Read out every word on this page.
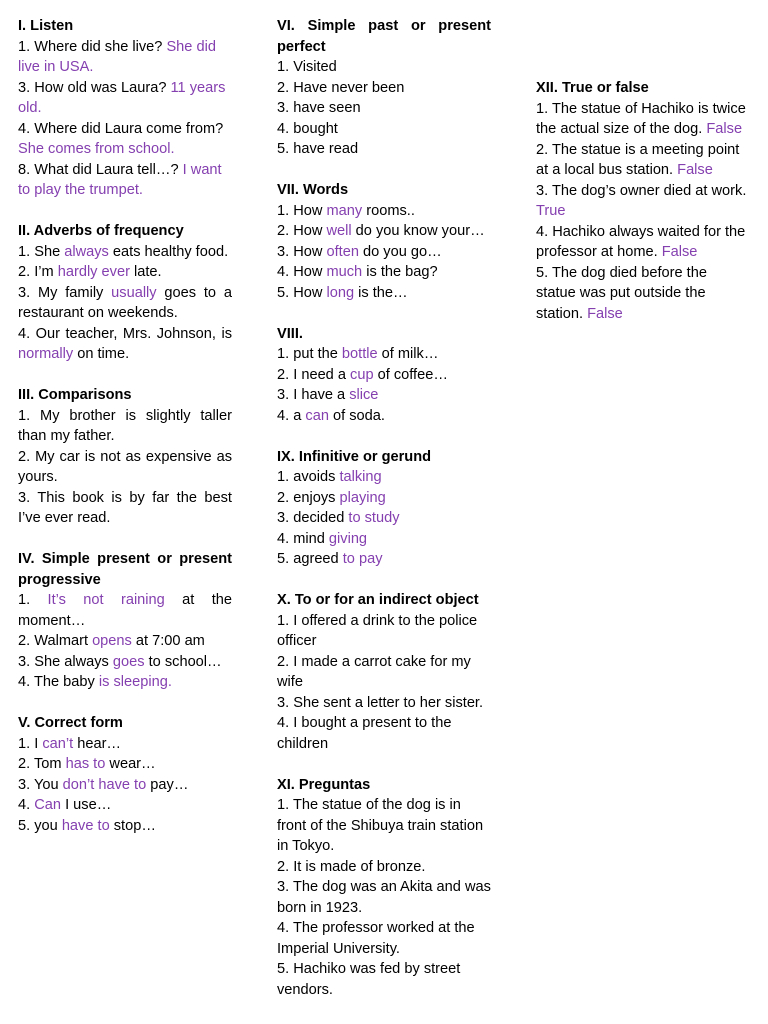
I. Listen
1. Where did she live? She did live in USA.
3. How old was Laura? 11 years old.
4. Where did Laura come from? She comes from school.
8. What did Laura tell…? I want to play the trumpet.
II. Adverbs of frequency
1. She always eats healthy food.
2. I’m hardly ever late.
3. My family usually goes to a restaurant on weekends.
4. Our teacher, Mrs. Johnson, is normally on time.
III. Comparisons
1. My brother is slightly taller than my father.
2. My car is not as expensive as yours.
3. This book is by far the best I’ve ever read.
IV. Simple present or present progressive
1. It’s not raining at the moment…
2. Walmart opens at 7:00 am
3. She always goes to school…
4. The baby is sleeping.
V. Correct form
1. I can’t hear…
2. Tom has to wear…
3. You don’t have to pay…
4. Can I use…
5. you have to stop…
VI. Simple past or present perfect
1. Visited
2. Have never been
3. have seen
4. bought
5. have read
VII. Words
1. How many rooms..
2. How well do you know your…
3. How often do you go…
4. How much is the bag?
5. How long is the…
VIII.
1. put the bottle of milk…
2. I need a cup of coffee…
3. I have a slice
4. a can of soda.
IX. Infinitive or gerund
1. avoids talking
2. enjoys playing
3. decided to study
4. mind giving
5. agreed to pay
X. To or for an indirect object
1. I offered a drink to the police officer
2. I made a carrot cake for my wife
3. She sent a letter to her sister.
4. I bought a present to the children
XI. Preguntas
1. The statue of the dog is in front of the Shibuya train station in Tokyo.
2. It is made of bronze.
3. The dog was an Akita and was born in 1923.
4. The professor worked at the Imperial University.
5. Hachiko was fed by street vendors.
XII. True or false
1. The statue of Hachiko is twice the actual size of the dog. False
2. The statue is a meeting point at a local bus station. False
3. The dog’s owner died at work. True
4. Hachiko always waited for the professor at home. False
5. The dog died before the statue was put outside the station. False
